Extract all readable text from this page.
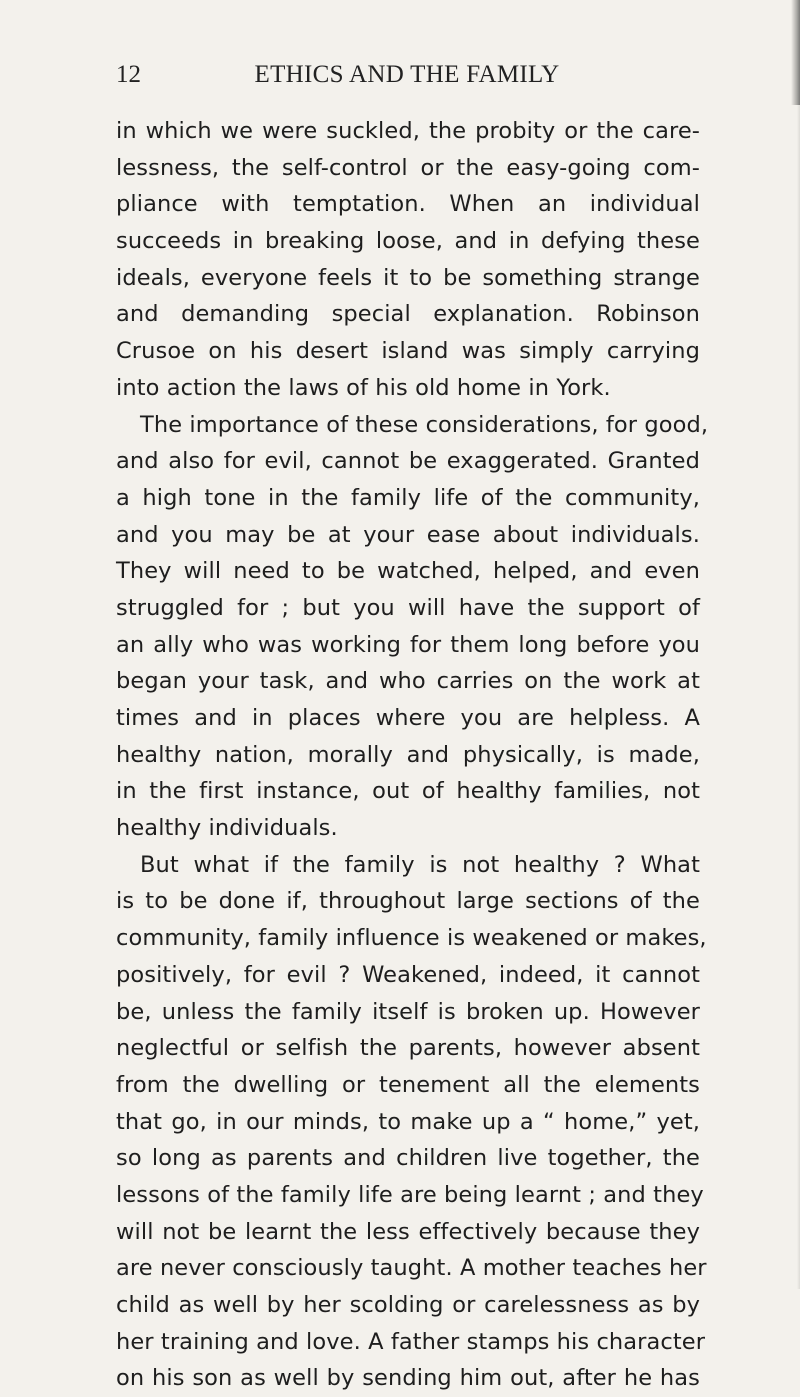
12	ETHICS AND THE FAMILY
in which we were suckled, the probity or the care-
lessness, the self-control or the easy-going com-
pliance with temptation. When an individual
succeeds in breaking loose, and in defying these
ideals, everyone feels it to be something strange
and demanding special explanation. Robinson
Crusoe on his desert island was simply carrying
into action the laws of his old home in York.
The importance of these considerations, for good,
and also for evil, cannot be exaggerated. Granted
a high tone in the family life of the community,
and you may be at your ease about individuals.
They will need to be watched, helped, and even
struggled for ; but you will have the support of
an ally who was working for them long before you
began your task, and who carries on the work at
times and in places where you are helpless. A
healthy nation, morally and physically, is made,
in the first instance, out of healthy families, not
healthy individuals.
But what if the family is not healthy ? What
is to be done if, throughout large sections of the
community, family influence is weakened or makes,
positively, for evil ? Weakened, indeed, it cannot
be, unless the family itself is broken up. However
neglectful or selfish the parents, however absent
from the dwelling or tenement all the elements
that go, in our minds, to make up a “ home,” yet,
so long as parents and children live together, the
lessons of the family life are being learnt ; and they
will not be learnt the less effectively because they
are never consciously taught. A mother teaches her
child as well by her scolding or carelessness as by
her training and love. A father stamps his character
on his son as well by sending him out, after he has
